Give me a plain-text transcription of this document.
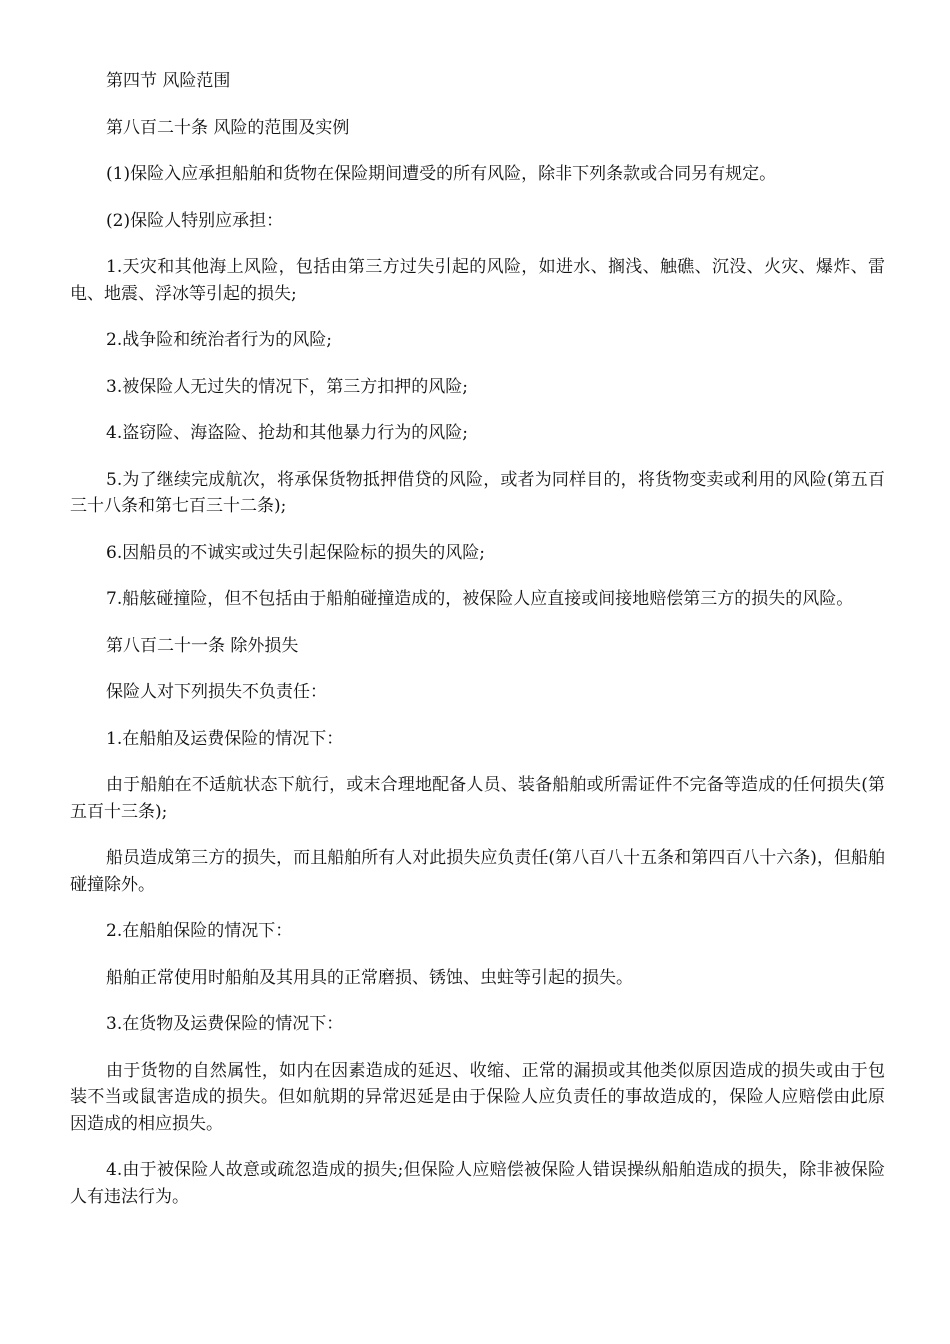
第四节 风险范围

第八百二十条 风险的范围及实例

(1)保险入应承担船舶和货物在保险期间遭受的所有风险，除非下列条款或合同另有规定。

(2)保险人特别应承担：

1.天灾和其他海上风险，包括由第三方过失引起的风险，如进水、搁浅、触礁、沉没、火灾、爆炸、雷电、地震、浮冰等引起的损失;

2.战争险和统治者行为的风险;

3.被保险人无过失的情况下，第三方扣押的风险;

4.盗窃险、海盗险、抢劫和其他暴力行为的风险;

5.为了继续完成航次，将承保货物抵押借贷的风险，或者为同样目的，将货物变卖或利用的风险(第五百三十八条和第七百三十二条);

6.因船员的不诚实或过失引起保险标的损失的风险;

7.船舷碰撞险，但不包括由于船舶碰撞造成的，被保险人应直接或间接地赔偿第三方的损失的风险。

第八百二十一条 除外损失

保险人对下列损失不负责任：

1.在船舶及运费保险的情况下：

由于船舶在不适航状态下航行，或末合理地配备人员、装备船舶或所需证件不完备等造成的任何损失(第五百十三条);

船员造成第三方的损失，而且船舶所有人对此损失应负责任(第八百八十五条和第四百八十六条)，但船舶碰撞除外。

2.在船舶保险的情况下：

船舶正常使用时船舶及其用具的正常磨损、锈蚀、虫蛀等引起的损失。

3.在货物及运费保险的情况下：

由于货物的自然属性，如内在因素造成的延迟、收缩、正常的漏损或其他类似原因造成的损失或由于包装不当或鼠害造成的损失。但如航期的异常迟延是由于保险人应负责任的事故造成的，保险人应赔偿由此原因造成的相应损失。

4.由于被保险人故意或疏忽造成的损失;但保险人应赔偿被保险人错误操纵船舶造成的损失，除非被保险人有违法行为。
